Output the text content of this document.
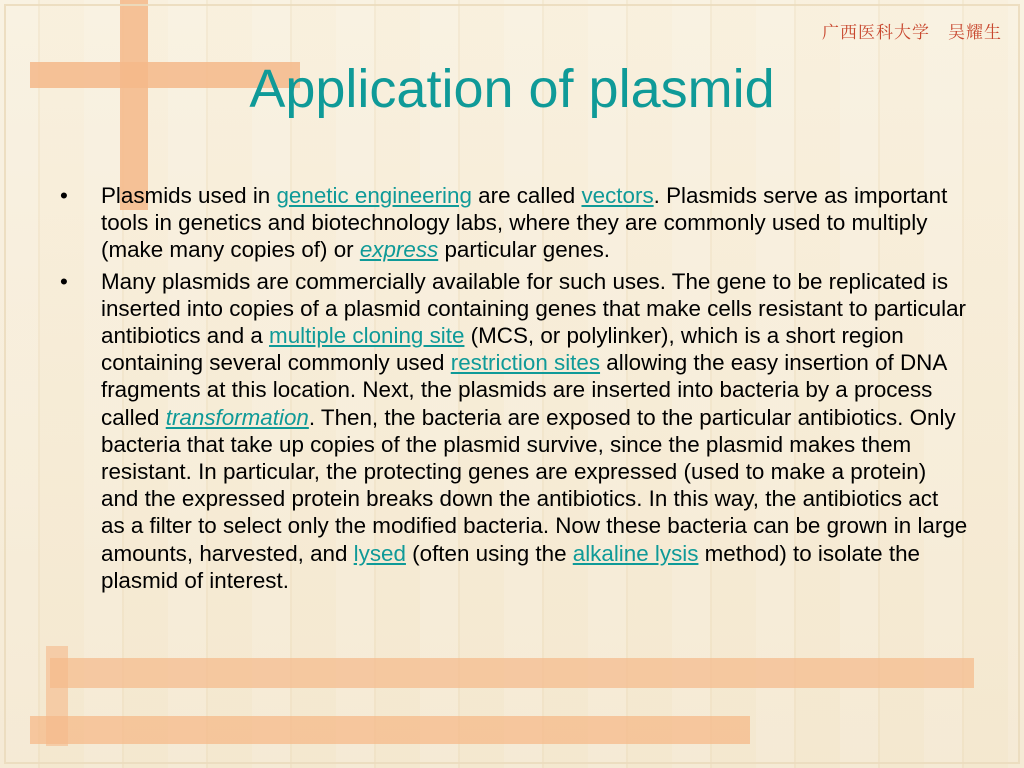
广西医科大学 吴耀生
Application of plasmid

• Plasmids used in genetic engineering are called vectors. Plasmids serve as important tools in genetics and biotechnology labs, where they are commonly used to multiply (make many copies of) or express particular genes.

• Many plasmids are commercially available for such uses. The gene to be replicated is inserted into copies of a plasmid containing genes that make cells resistant to particular antibiotics and a multiple cloning site (MCS, or polylinker), which is a short region containing several commonly used restriction sites allowing the easy insertion of DNA fragments at this location. Next, the plasmids are inserted into bacteria by a process called transformation. Then, the bacteria are exposed to the particular antibiotics. Only bacteria that take up copies of the plasmid survive, since the plasmid makes them resistant. In particular, the protecting genes are expressed (used to make a protein) and the expressed protein breaks down the antibiotics. In this way, the antibiotics act as a filter to select only the modified bacteria. Now these bacteria can be grown in large amounts, harvested, and lysed (often using the alkaline lysis method) to isolate the plasmid of interest.
